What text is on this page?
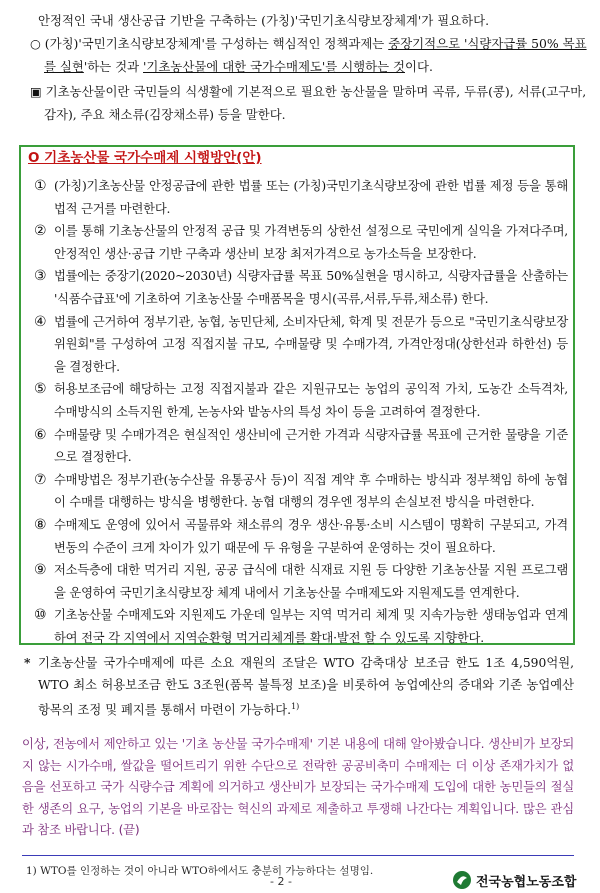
안정적인 국내 생산공급 기반을 구축하는 (가칭)'국민기초식량보장체계'가 필요하다.

○ (가칭)'국민기초식량보장체계'를 구성하는 핵심적인 정책과제는 중장기적으로 '식량자급률 50% 목표를 실현'하는 것과 '기초농산물에 대한 국가수매제도'를 시행하는 것이다.

▣ 기초농산물이란 국민들의 식생활에 기본적으로 필요한 농산물을 말하며 곡류, 두류(콩), 서류(고구마, 감자), 주요 채소류(김장채소류) 등을 말한다.

O 기초농산물 국가수매제 시행방안(안)
① (가칭)기초농산물 안정공급에 관한 법률 또는 (가칭)국민기초식량보장에 관한 법률 제정 등을 통해 법적 근거를 마련한다.
② 이를 통해 기초농산물의 안정적 공급 및 가격변동의 상한선 설정으로 국민에게 실익을 가져다주며, 안정적인 생산·공급 기반 구축과 생산비 보장 최저가격으로 농가소득을 보장한다.
③ 법률에는 중장기(2020~2030년) 식량자급률 목표 50%실현을 명시하고, 식량자급률을 산출하는 '식품수급표'에 기초하여 기초농산물 수매품목을 명시(곡류,서류,두류,채소류) 한다.
④ 법률에 근거하여 정부기관, 농협, 농민단체, 소비자단체, 학계 및 전문가 등으로 "국민기초식량보장위원회"를 구성하여 고정 직접지불 규모, 수매물량 및 수매가격, 가격안정대(상한선과 하한선) 등을 결정한다.
⑤ 허용보조금에 해당하는 고정 직접지불과 같은 지원규모는 농업의 공익적 가치, 도농간 소득격차, 수매방식의 소득지원 한계, 논농사와 밭농사의 특성 차이 등을 고려하여 결정한다.
⑥ 수매물량 및 수매가격은 현실적인 생산비에 근거한 가격과 식량자급률 목표에 근거한 물량을 기준으로 결정한다.
⑦ 수매방법은 정부기관(농수산물 유통공사 등)이 직접 계약 후 수매하는 방식과 정부책임 하에 농협이 수매를 대행하는 방식을 병행한다. 농협 대행의 경우엔 정부의 손실보전 방식을 마련한다.
⑧ 수매제도 운영에 있어서 곡물류와 채소류의 경우 생산·유통·소비 시스템이 명확히 구분되고, 가격변동의 수준이 크게 차이가 있기 때문에 두 유형을 구분하여 운영하는 것이 필요하다.
⑨ 저소득층에 대한 먹거리 지원, 공공 급식에 대한 식재료 지원 등 다양한 기초농산물 지원 프로그램을 운영하여 국민기초식량보장 체계 내에서 기초농산물 수매제도와 지원제도를 연계한다.
⑩ 기초농산물 수매제도와 지원제도 가운데 일부는 지역 먹거리 체계 및 지속가능한 생태농업과 연계하여 전국 각 지역에서 지역순환형 먹거리체계를 확대·발전 할 수 있도록 지향한다.
* 기초농산물 국가수매제에 따른 소요 재원의 조달은 WTO 감축대상 보조금 한도 1조 4,590억원, WTO 최소 허용보조금 한도 3조원(품목 불특정 보조)을 비롯하여 농업예산의 증대와 기존 농업예산 항목의 조정 및 폐지를 통해서 마련이 가능하다.$^{1)}$
이상, 전농에서 제안하고 있는 '기초 농산물 국가수매제' 기본 내용에 대해 알아봤습니다. 생산비가 보장되지 않는 시가수매, 쌀값을 떨어트리기 위한 수단으로 전락한 공공비축미 수매제는 더 이상 존재가치가 없음을 선포하고 국가 식량수급 계획에 의거하고 생산비가 보장되는 국가수매제 도입에 대한 농민들의 절실한 생존의 요구, 농업의 기본을 바로잡는 혁신의 과제로 제출하고 투쟁해 나간다는 계획입니다. 많은 관심과 참조 바랍니다. (끝)
1) WTO를 인정하는 것이 아니라 WTO하에서도 충분히 가능하다는 설명임.
- 2 -	전국농협노동조합
